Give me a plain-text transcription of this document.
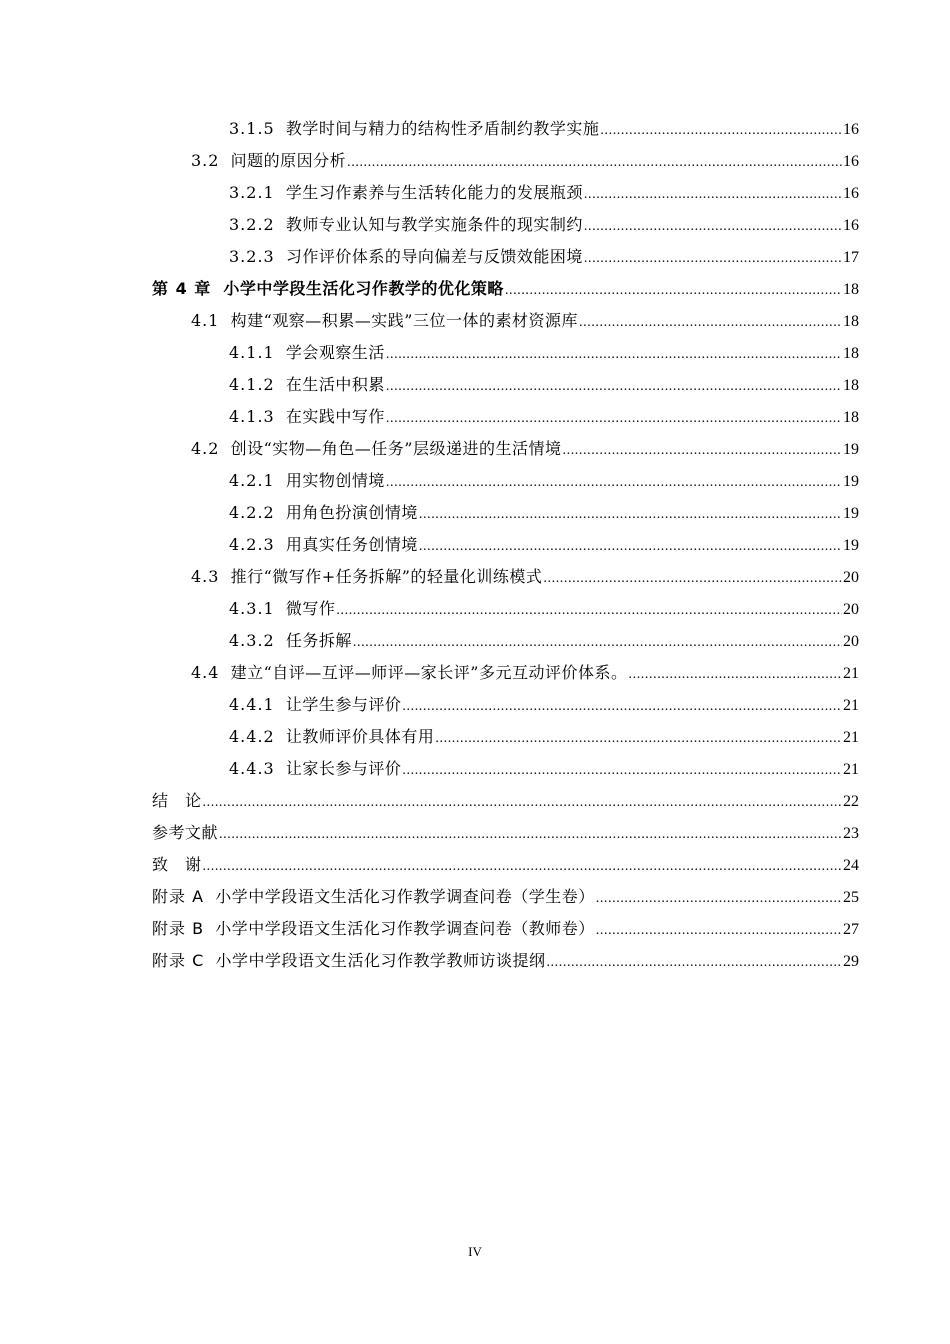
3.1.5 教学时间与精力的结构性矛盾制约教学实施 .....	16
3.2 问题的原因分析 .....	16
3.2.1 学生习作素养与生活转化能力的发展瓶颈 .....	16
3.2.2 教师专业认知与教学实施条件的现实制约 .....	16
3.2.3 习作评价体系的导向偏差与反馈效能困境 .....	17
第 4 章 小学中学段生活化习作教学的优化策略 .....	18
4.1 构建“观察—积累—实践”三位一体的素材资源库 .....	18
4.1.1 学会观察生活 .....	18
4.1.2 在生活中积累 .....	18
4.1.3 在实践中写作 .....	18
4.2 创设“实物—角色—任务”层级递进的生活情境 .....	19
4.2.1 用实物创情境 .....	19
4.2.2 用角色扮演创情境 .....	19
4.2.3 用真实任务创情境 .....	19
4.3 推行“微写作+任务拆解”的轻量化训练模式 .....	20
4.3.1 微写作 .....	20
4.3.2 任务拆解 .....	20
4.4 建立“自评—互评—师评—家长评”多元互动评价体系。 .....	21
4.4.1 让学生参与评价 .....	21
4.4.2 让教师评价具体有用 .....	21
4.4.3 让家长参与评价 .....	21
结　论 .....	22
参考文献 .....	23
致　谢 .....	24
附录 A 小学中学段语文生活化习作教学调查问卷（学生卷） .....	25
附录 B 小学中学段语文生活化习作教学调查问卷（教师卷） .....	27
附录 C 小学中学段语文生活化习作教学教师访谈提纲 .....	29
IV
